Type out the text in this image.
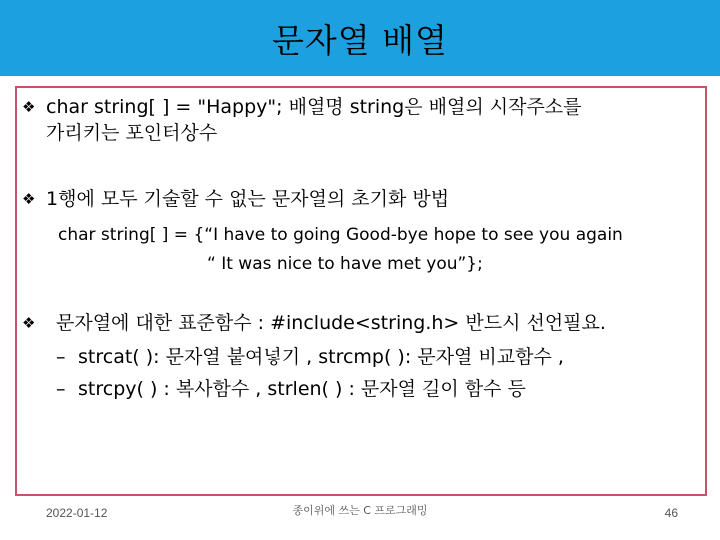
문자열 배열
❖ char string[ ] = "Happy"; 배열명 string은 배열의 시작주소를
가리키는 포인터상수
❖ 1행에 모두 기술할 수 없는 문자열의 초기화 방법
char string[ ] = {“I have to going Good-bye hope to see you again
“ It was nice to have met you”};
❖ 문자열에 대한 표준함수 : #include<string.h> 반드시 선언필요.
– strcat( ): 문자열 붙여넣기 , strcmp( ): 문자열 비교함수 ,
– strcpy( ) : 복사함수 , strlen( ) : 문자열 길이 함수 등
2022-01-12	종이위에 쓰는 C 프로그래밍	46
